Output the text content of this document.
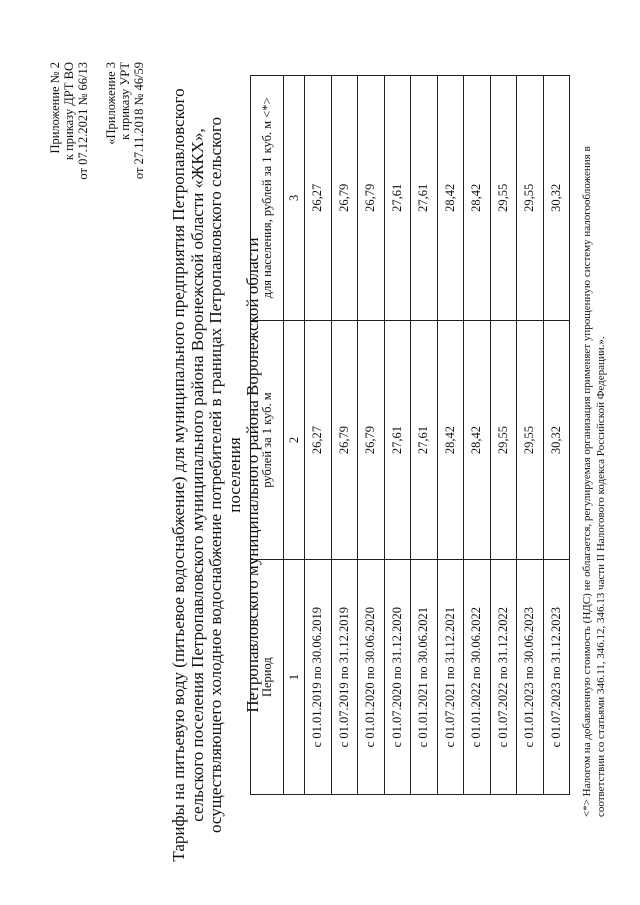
Приложение № 2 к приказу ДРТ ВО от 07.12.2021 № 66/13 «Приложение 3 к приказу УРТ от 27.11.2018 № 46/59 Тарифы на питьевую воду (питьевое водоснабжение) для муниципального предприятия Петропавловского сельского поселения Петропавловского муниципального района Воронежской области «ЖКХ», осуществляющего холодное водоснабжение потребителей в границах Петропавловского сельского поселения Петропавловского муниципального района Воронежской области
Период	рублей за 1 куб. м	для населения, рублей за 1 куб. м <*>
1	2	3
с 01.01.2019 по 30.06.2019	26,27	26,27
с 01.07.2019 по 31.12.2019	26,79	26,79
с 01.01.2020 по 30.06.2020	26,79	26,79
с 01.07.2020 по 31.12.2020	27,61	27,61
с 01.01.2021 по 30.06.2021	27,61	27,61
с 01.07.2021 по 31.12.2021	28,42	28,42
с 01.01.2022 по 30.06.2022	28,42	28,42
с 01.07.2022 по 31.12.2022	29,55	29,55
с 01.01.2023 по 30.06.2023	29,55	29,55
с 01.07.2023 по 31.12.2023	30,32	30,32 <*> Налогом на добавленную стоимость (НДС) не облагается, регулируемая организация применяет упрощенную систему налогообложения в соответствии со статьями 346.11, 346.12, 346.13 части II Налогового кодекса Российской Федерации.».
